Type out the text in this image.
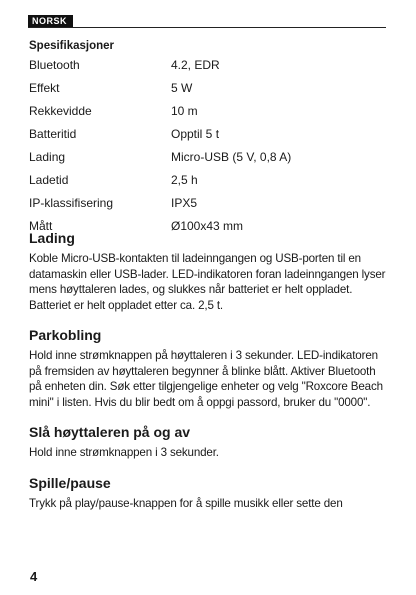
NORSK
Spesifikasjoner
Bluetooth	4.2, EDR
Effekt	5 W
Rekkevidde	10 m
Batteritid	Opptil 5 t
Lading	Micro-USB (5 V, 0,8 A)
Ladetid	2,5 h
IP-klassifisering	IPX5
Mått	Ø100x43 mm
Lading

Koble Micro-USB-kontakten til ladeinngangen og USB-porten til en datamaskin eller USB-lader. LED-indikatoren foran ladeinngangen lyser mens høyttaleren lades, og slukkes når batteriet er helt oppladet. Batteriet er helt oppladet etter ca. 2,5 t.

Parkobling

Hold inne strømknappen på høyttaleren i 3 sekunder. LED-indikatoren på fremsiden av høyttaleren begynner å blinke blått. Aktiver Bluetooth på enheten din. Søk etter tilgjengelige enheter og velg "Roxcore Beach mini" i listen. Hvis du blir bedt om å oppgi passord, bruker du "0000".

Slå høyttaleren på og av

Hold inne strømknappen i 3 sekunder.

Spille/pause

Trykk på play/pause-knappen for å spille musikk eller sette den

4
